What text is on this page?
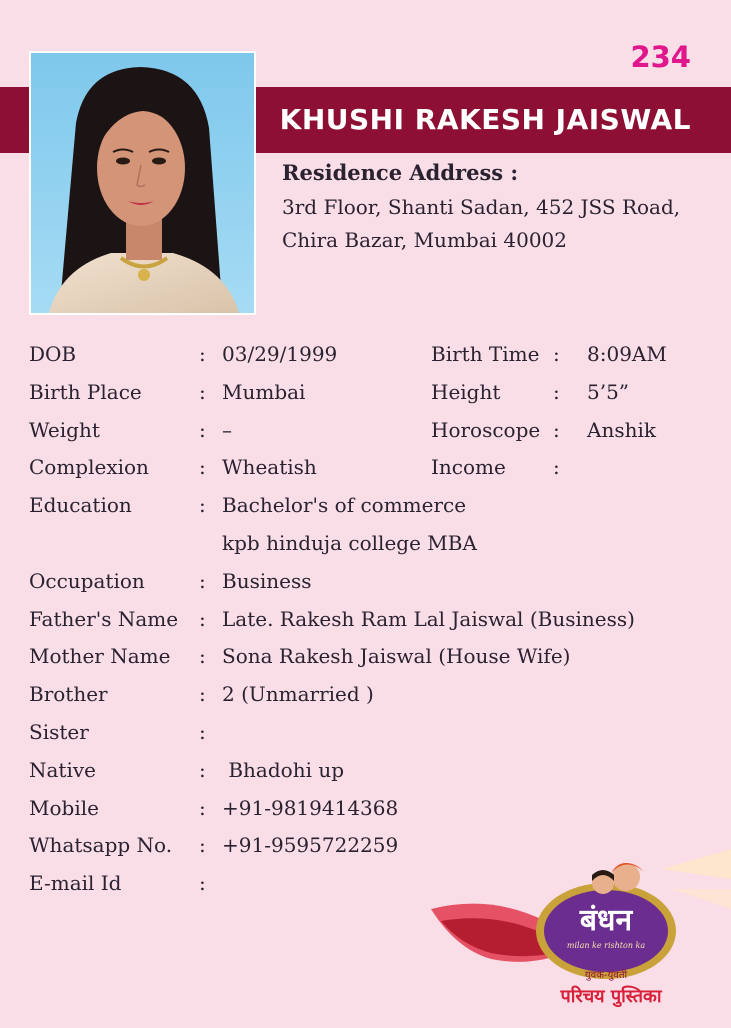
234
KHUSHI RAKESH JAISWAL
Residence Address :
3rd Floor, Shanti Sadan, 452 JSS Road,
Chira Bazar, Mumbai 40002
DOB	: 03/29/1999	Birth Time : 8:09AM
Birth Place	: Mumbai	Height	: 5’5”
Weight	: –	Horoscope : Anshik
Complexion	: Wheatish	Income :
Education	: Bachelor's of commerce
kpb hinduja college MBA
Occupation	: Business
Father's Name : Late. Rakesh Ram Lal Jaiswal (Business)
Mother Name : Sona Rakesh Jaiswal (House Wife)
Brother	: 2 (Unmarried )
Sister	:
Native	: Bhadohi up
Mobile	: +91-9819414368
Whatsapp No. : +91-9595722259
E-mail Id	:
बंधन
milan ke rishton ka
युवक-युवती
परिचय पुस्तिका
